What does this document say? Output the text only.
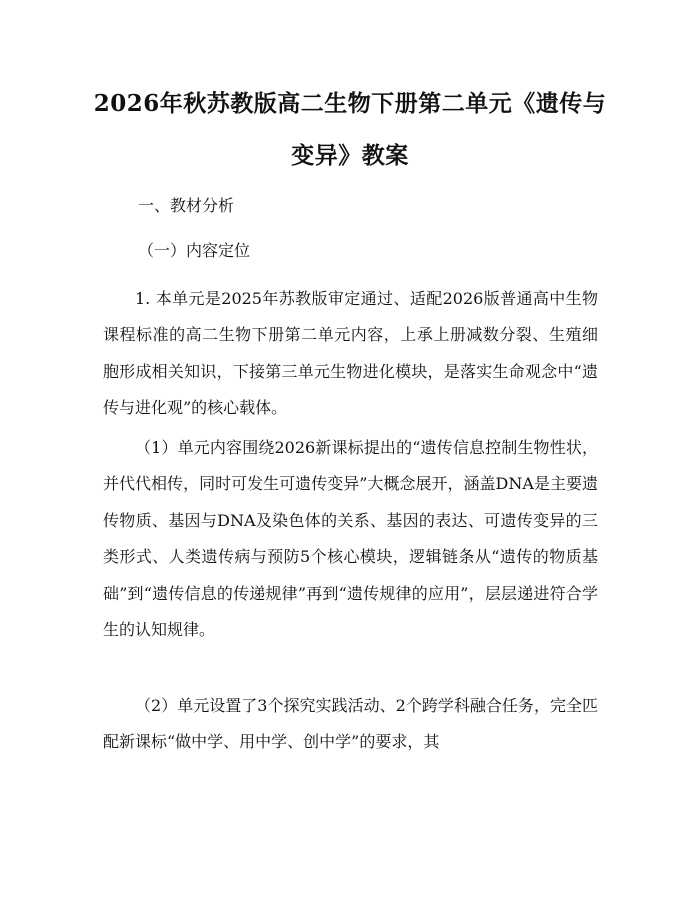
2026年秋苏教版高二生物下册第二单元《遗传与变异》教案
一、教材分析
（一）内容定位

1. 本单元是2025年苏教版审定通过、适配2026版普通高中生物课程标准的高二生物下册第二单元内容，上承上册减数分裂、生殖细胞形成相关知识，下接第三单元生物进化模块，是落实生命观念中“遗传与进化观”的核心载体。

（1）单元内容围绕2026新课标提出的“遗传信息控制生物性状，并代代相传，同时可发生可遗传变异”大概念展开，涵盖DNA是主要遗传物质、基因与DNA及染色体的关系、基因的表达、可遗传变异的三类形式、人类遗传病与预防5个核心模块，逻辑链条从“遗传的物质基础”到“遗传信息的传递规律”再到“遗传规律的应用”，层层递进符合学生的认知规律。

（2）单元设置了3个探究实践活动、2个跨学科融合任务，完全匹配新课标“做中学、用中学、创中学”的要求，其
